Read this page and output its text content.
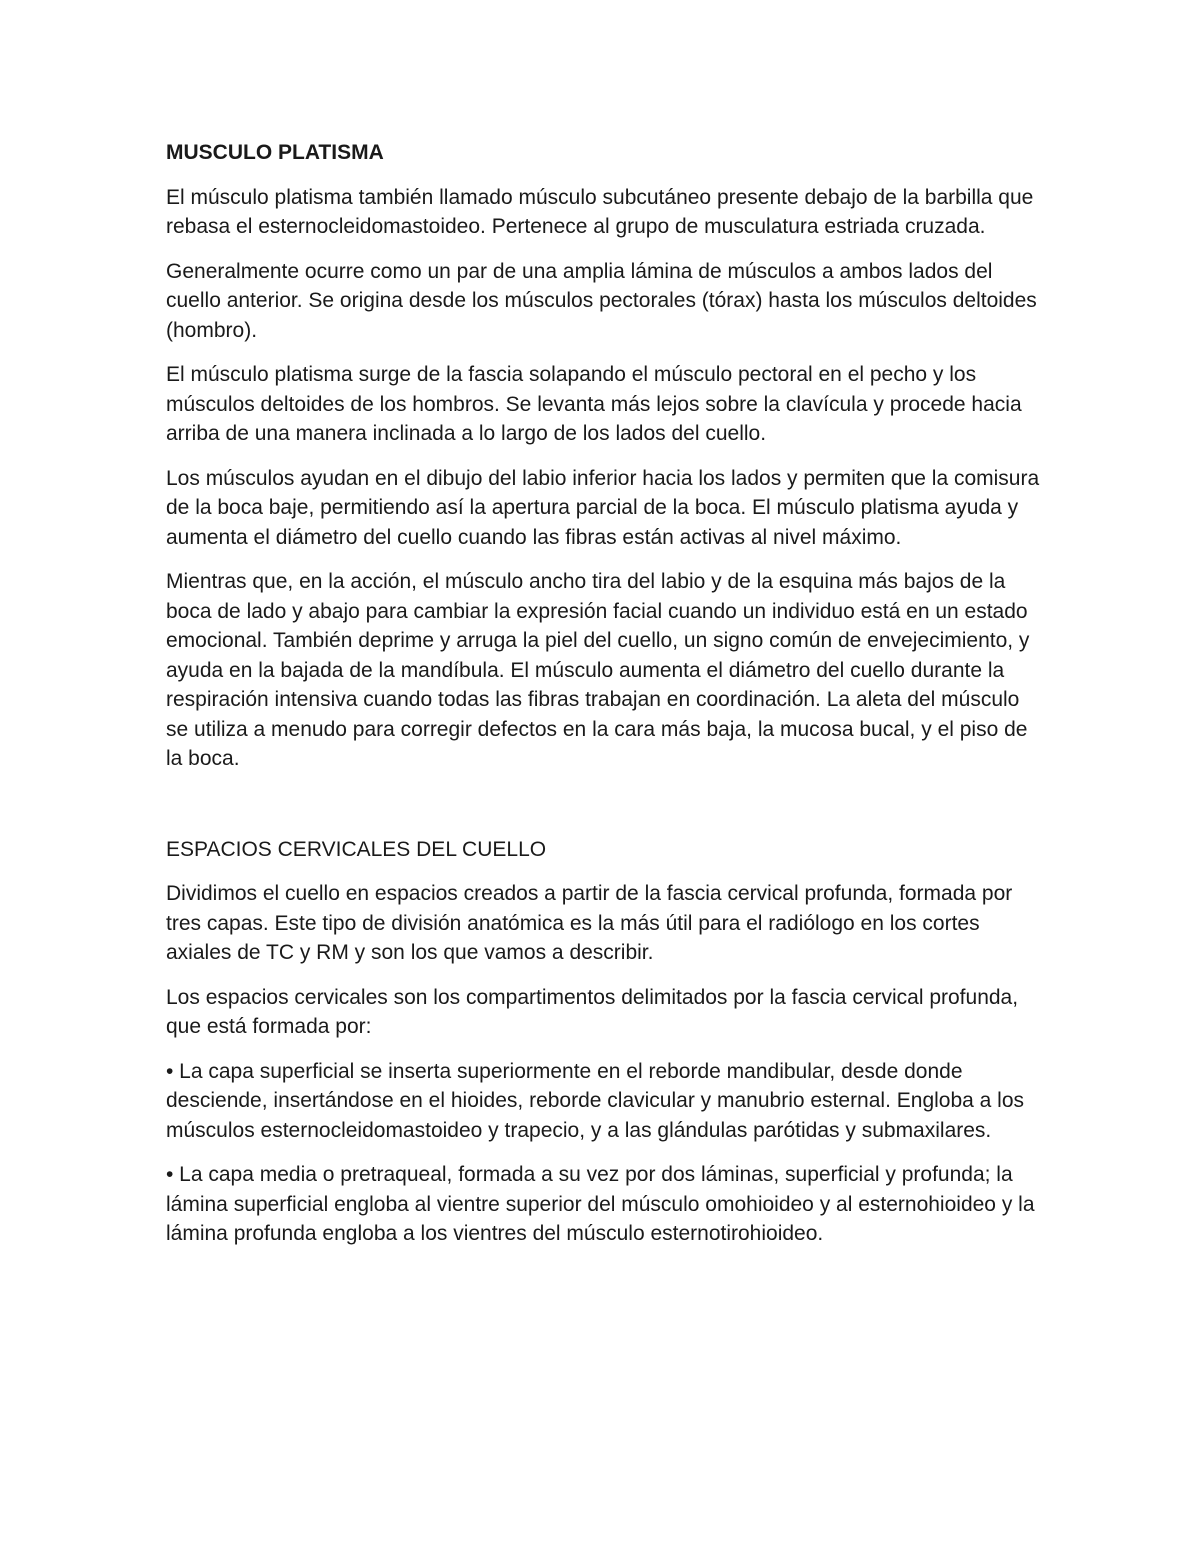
MUSCULO PLATISMA

El músculo platisma también llamado músculo subcutáneo presente debajo de la barbilla que rebasa el esternocleidomastoideo. Pertenece al grupo de musculatura estriada cruzada.

Generalmente ocurre como un par de una amplia lámina de músculos a ambos lados del cuello anterior. Se origina desde los músculos pectorales (tórax) hasta los músculos deltoides (hombro).

El músculo platisma surge de la fascia solapando el músculo pectoral en el pecho y los músculos deltoides de los hombros. Se levanta más lejos sobre la clavícula y procede hacia arriba de una manera inclinada a lo largo de los lados del cuello.

Los músculos ayudan en el dibujo del labio inferior hacia los lados y permiten que la comisura de la boca baje, permitiendo así la apertura parcial de la boca. El músculo platisma ayuda y aumenta el diámetro del cuello cuando las fibras están activas al nivel máximo.

Mientras que, en la acción, el músculo ancho tira del labio y de la esquina más bajos de la boca de lado y abajo para cambiar la expresión facial cuando un individuo está en un estado emocional. También deprime y arruga la piel del cuello, un signo común de envejecimiento, y ayuda en la bajada de la mandíbula. El músculo aumenta el diámetro del cuello durante la respiración intensiva cuando todas las fibras trabajan en coordinación. La aleta del músculo se utiliza a menudo para corregir defectos en la cara más baja, la mucosa bucal, y el piso de la boca.

ESPACIOS CERVICALES DEL CUELLO

Dividimos el cuello en espacios creados a partir de la fascia cervical profunda, formada por tres capas. Este tipo de división anatómica es la más útil para el radiólogo en los cortes axiales de TC y RM y son los que vamos a describir.

Los espacios cervicales son los compartimentos delimitados por la fascia cervical profunda, que está formada por:

• La capa superficial se inserta superiormente en el reborde mandibular, desde donde desciende, insertándose en el hioides, reborde clavicular y manubrio esternal. Engloba a los músculos esternocleidomastoideo y trapecio, y a las glándulas parótidas y submaxilares.

• La capa media o pretraqueal, formada a su vez por dos láminas, superficial y profunda; la lámina superficial engloba al vientre superior del músculo omohioideo y al esternohioideo y la lámina profunda engloba a los vientres del músculo esternotirohioideo.
